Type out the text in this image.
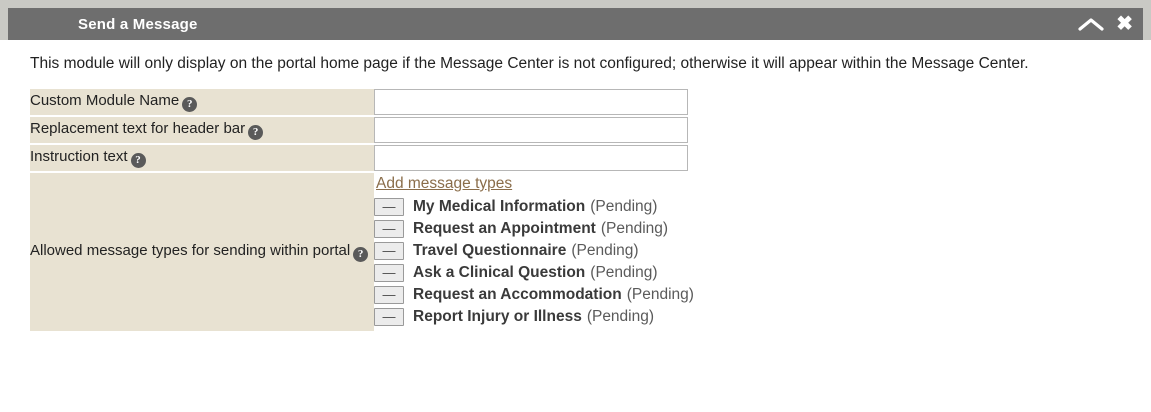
Send a Message	✖

This module will only display on the portal home page if the Message Center is not configured; otherwise it will appear within the Message Center.

Custom Module Name ?	
Replacement text for header bar ?	
Instruction text ?	
Allowed message types for sending within portal ?	Add message types
—	My Medical Information (Pending)
—	Request an Appointment (Pending)
—	Travel Questionnaire (Pending)
—	Ask a Clinical Question (Pending)
—	Request an Accommodation (Pending)
—	Report Injury or Illness (Pending)
